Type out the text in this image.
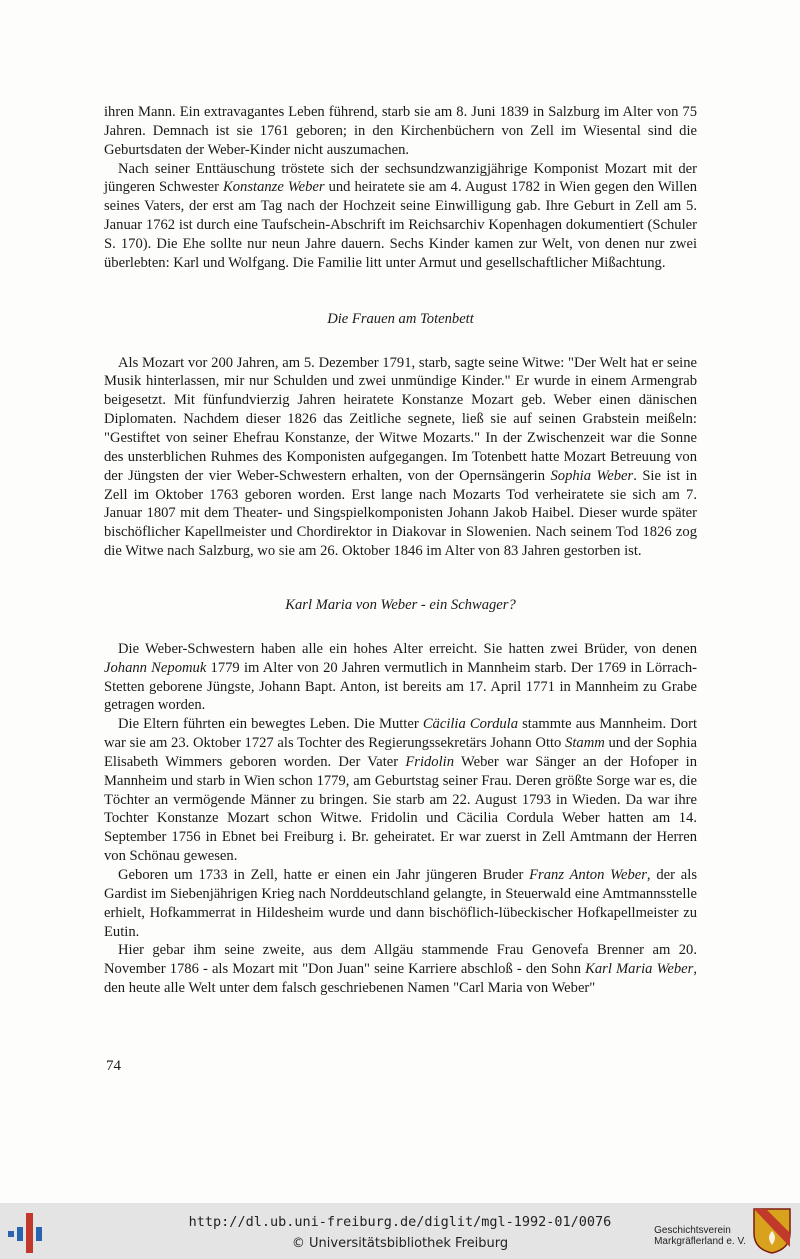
ihren Mann. Ein extravagantes Leben führend, starb sie am 8. Juni 1839 in Salzburg im Alter von 75 Jahren. Demnach ist sie 1761 geboren; in den Kirchenbüchern von Zell im Wiesental sind die Geburtsdaten der Weber-Kinder nicht auszumachen.

Nach seiner Enttäuschung tröstete sich der sechsundzwanzigjährige Komponist Mozart mit der jüngeren Schwester Konstanze Weber und heiratete sie am 4. August 1782 in Wien gegen den Willen seines Vaters, der erst am Tag nach der Hochzeit seine Einwilligung gab. Ihre Geburt in Zell am 5. Januar 1762 ist durch eine Taufschein-Abschrift im Reichsarchiv Kopenhagen dokumentiert (Schuler S. 170). Die Ehe sollte nur neun Jahre dauern. Sechs Kinder kamen zur Welt, von denen nur zwei überlebten: Karl und Wolfgang. Die Familie litt unter Armut und gesellschaftlicher Mißachtung.

Die Frauen am Totenbett

Als Mozart vor 200 Jahren, am 5. Dezember 1791, starb, sagte seine Witwe: "Der Welt hat er seine Musik hinterlassen, mir nur Schulden und zwei unmündige Kinder." Er wurde in einem Armengrab beigesetzt. Mit fünfundvierzig Jahren heiratete Konstanze Mozart geb. Weber einen dänischen Diplomaten. Nachdem dieser 1826 das Zeitliche segnete, ließ sie auf seinen Grabstein meißeln: "Gestiftet von seiner Ehefrau Konstanze, der Witwe Mozarts." In der Zwischenzeit war die Sonne des unsterblichen Ruhmes des Komponisten aufgegangen. Im Totenbett hatte Mozart Betreuung von der Jüngsten der vier Weber-Schwestern erhalten, von der Opernsängerin Sophia Weber. Sie ist in Zell im Oktober 1763 geboren worden. Erst lange nach Mozarts Tod verheiratete sie sich am 7. Januar 1807 mit dem Theater- und Singspielkomponisten Johann Jakob Haibel. Dieser wurde später bischöflicher Kapellmeister und Chordirektor in Diakovar in Slowenien. Nach seinem Tod 1826 zog die Witwe nach Salzburg, wo sie am 26. Oktober 1846 im Alter von 83 Jahren gestorben ist.

Karl Maria von Weber - ein Schwager?

Die Weber-Schwestern haben alle ein hohes Alter erreicht. Sie hatten zwei Brüder, von denen Johann Nepomuk 1779 im Alter von 20 Jahren vermutlich in Mannheim starb. Der 1769 in Lörrach-Stetten geborene Jüngste, Johann Bapt. Anton, ist bereits am 17. April 1771 in Mannheim zu Grabe getragen worden.

Die Eltern führten ein bewegtes Leben. Die Mutter Cäcilia Cordula stammte aus Mannheim. Dort war sie am 23. Oktober 1727 als Tochter des Regierungssekretärs Johann Otto Stamm und der Sophia Elisabeth Wimmers geboren worden. Der Vater Fridolin Weber war Sänger an der Hofoper in Mannheim und starb in Wien schon 1779, am Geburtstag seiner Frau. Deren größte Sorge war es, die Töchter an vermögende Männer zu bringen. Sie starb am 22. August 1793 in Wieden. Da war ihre Tochter Konstanze Mozart schon Witwe. Fridolin und Cäcilia Cordula Weber hatten am 14. September 1756 in Ebnet bei Freiburg i. Br. geheiratet. Er war zuerst in Zell Amtmann der Herren von Schönau gewesen.

Geboren um 1733 in Zell, hatte er einen ein Jahr jüngeren Bruder Franz Anton Weber, der als Gardist im Siebenjährigen Krieg nach Norddeutschland gelangte, in Steuerwald eine Amtmannsstelle erhielt, Hofkammerrat in Hildesheim wurde und dann bischöflich-lübeckischer Hofkapellmeister zu Eutin.

Hier gebar ihm seine zweite, aus dem Allgäu stammende Frau Genovefa Brenner am 20. November 1786 - als Mozart mit "Don Juan" seine Karriere abschloß - den Sohn Karl Maria Weber, den heute alle Welt unter dem falsch geschriebenen Namen "Carl Maria von Weber"

74
http://dl.ub.uni-freiburg.de/diglit/mgl-1992-01/0076
© Universitätsbibliothek Freiburg
Geschichtsverein
Markgräflerland e. V.
